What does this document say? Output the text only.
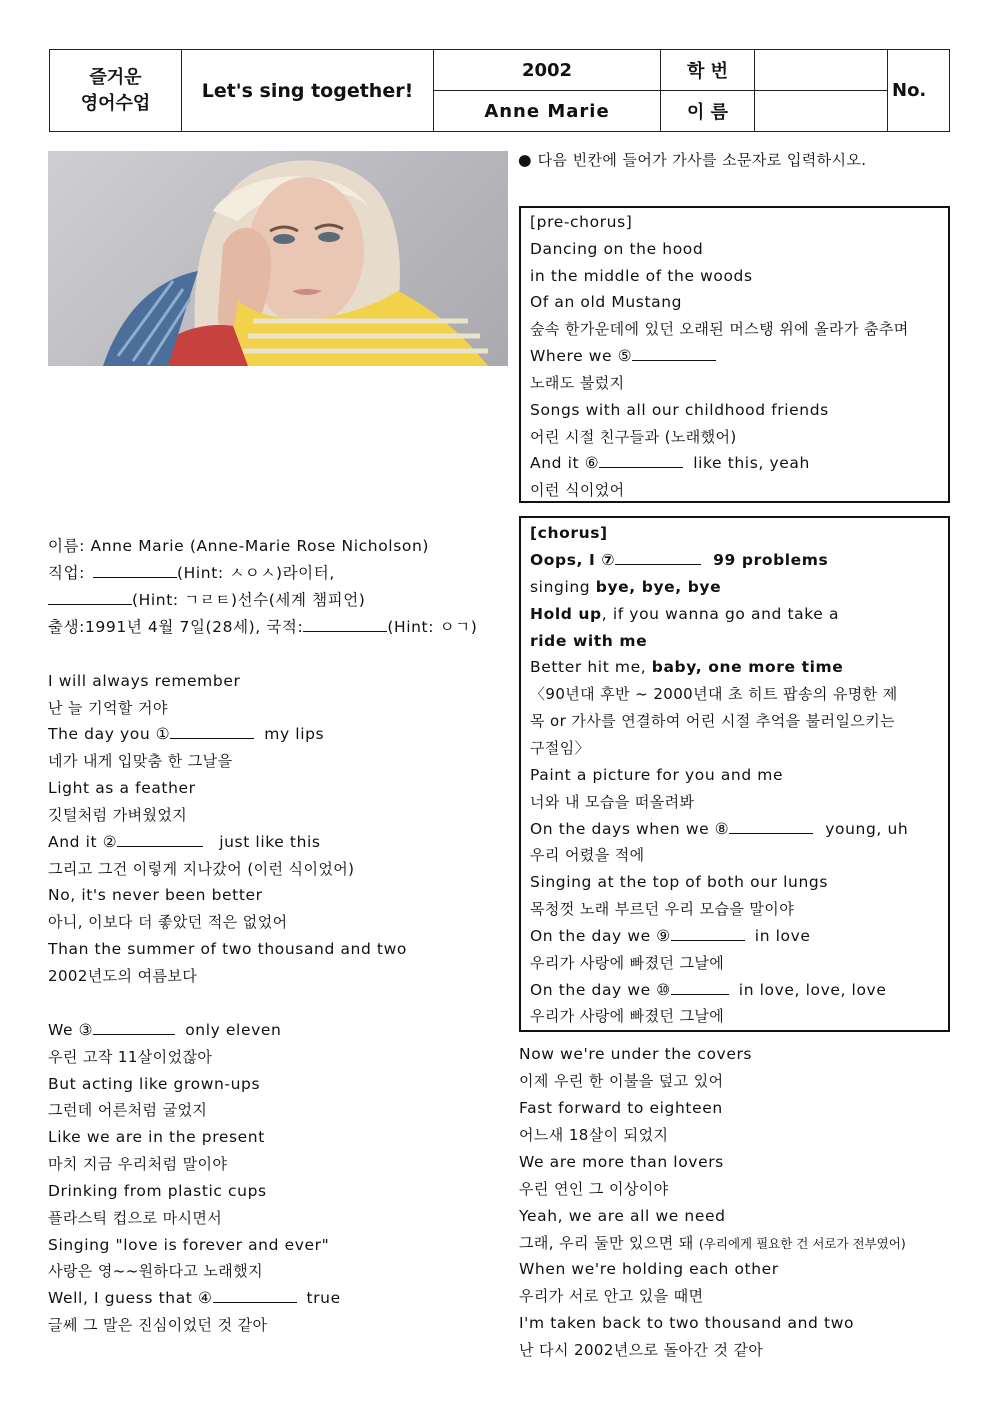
즐거운
영어수업	Let's sing together!	2002	학 번		No.
		Anne Marie	이 름		
● 다음 빈칸에 들어가 가사를 소문자로 입력하시오.
[pre-chorus]
Dancing on the hood
in the middle of the woods
Of an old Mustang
숲속 한가운데에 있던 오래된 머스탱 위에 올라가 춤추며
Where we ⑤
노래도 불렀지
Songs with all our childhood friends
어린 시절 친구들과 (노래했어)
And it ⑥	like this, yeah
이런 식이었어
[chorus]
Oops, I ⑦	99 problems
singing bye, bye, bye
Hold up, if you wanna go and take a
ride with me
Better hit me, baby, one more time
〈90년대 후반 ~ 2000년대 초 히트 팝송의 유명한 제
목 or 가사를 연결하여 어린 시절 추억을 불러일으키는
구절임〉
Paint a picture for you and me
너와 내 모습을 떠올려봐
On the days when we ⑧	young, uh
우리 어렸을 적에
Singing at the top of both our lungs
목청껏 노래 부르던 우리 모습을 말이야
On the day we ⑨	in love
우리가 사랑에 빠졌던 그날에
On the day we ⑩	in love, love, love
우리가 사랑에 빠졌던 그날에
Now we're under the covers
이제 우린 한 이불을 덮고 있어
Fast forward to eighteen
어느새 18살이 되었지
We are more than lovers
우린 연인 그 이상이야
Yeah, we are all we need
그래, 우리 둘만 있으면 돼 (우리에게 필요한 건 서로가 전부였어)
When we're holding each other
우리가 서로 안고 있을 때면
I'm taken back to two thousand and two
난 다시 2002년으로 돌아간 것 같아
이름: Anne Marie (Anne-Marie Rose Nicholson)
직업:	(Hint: ㅅㅇㅅ)라이터,
(Hint: ㄱㄹㅌ)선수(세계 챔피언)
출생:1991년 4월 7일(28세), 국적:	(Hint: ㅇㄱ)
I will always remember
난 늘 기억할 거야
The day you ①	my lips
네가 내게 입맞춤 한 그날을
Light as a feather
깃털처럼 가벼웠었지
And it ②	just like this
그리고 그건 이렇게 지나갔어 (이런 식이었어)
No, it's never been better
아니, 이보다 더 좋았던 적은 없었어
Than the summer of two thousand and two
2002년도의 여름보다
We ③	only eleven
우린 고작 11살이었잖아
But acting like grown-ups
그런데 어른처럼 굴었지
Like we are in the present
마치 지금 우리처럼 말이야
Drinking from plastic cups
플라스틱 컵으로 마시면서
Singing "love is forever and ever"
사랑은 영~~원하다고 노래했지
Well, I guess that ④	true
글쎄 그 말은 진심이었던 것 같아
